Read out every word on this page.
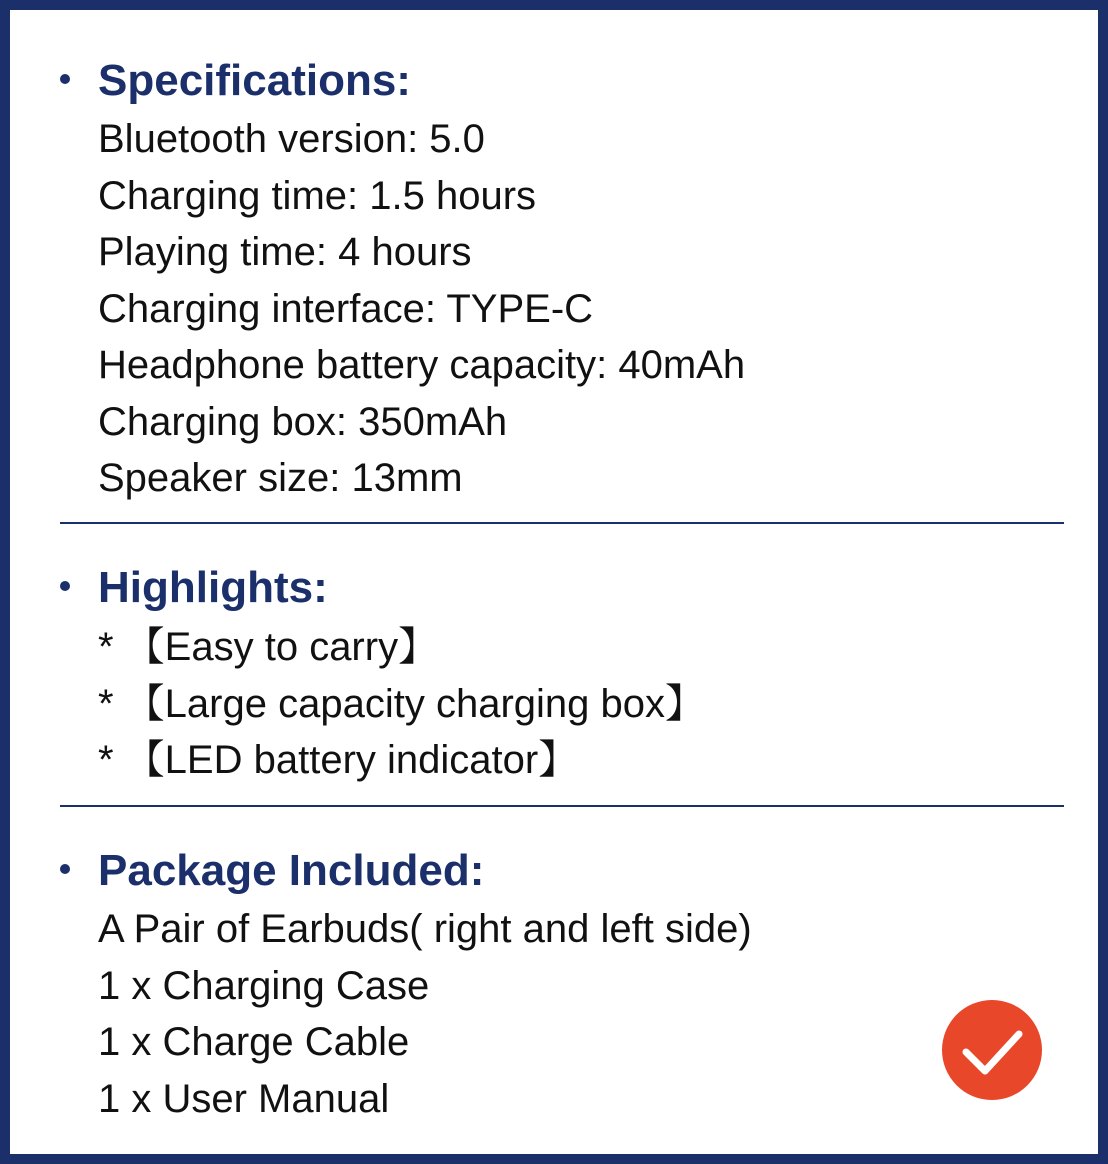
Specifications:
Bluetooth version: 5.0
Charging time: 1.5 hours
Playing time: 4 hours
Charging interface: TYPE-C
Headphone battery capacity: 40mAh
Charging box: 350mAh
Speaker size: 13mm
Highlights:
* 【Easy to carry】
* 【Large capacity charging box】
* 【LED battery indicator】
Package Included:
A Pair of Earbuds( right and left side)
1 x Charging Case
1 x Charge Cable
1 x User Manual
